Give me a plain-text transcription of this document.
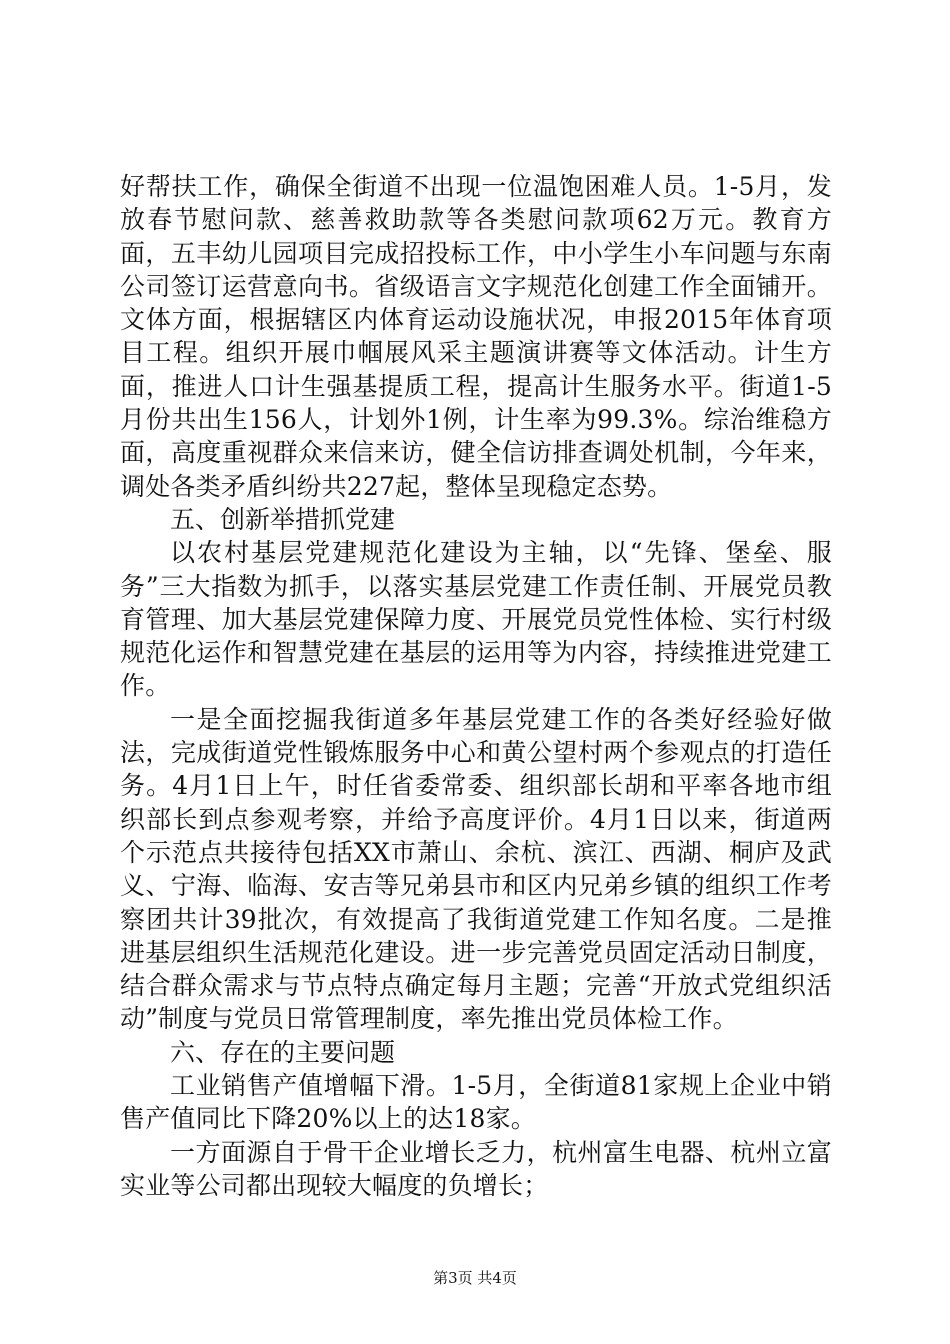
好帮扶工作，确保全街道不出现一位温饱困难人员。1-5月，发放春节慰问款、慈善救助款等各类慰问款项62万元。教育方面，五丰幼儿园项目完成招投标工作，中小学生小车问题与东南公司签订运营意向书。省级语言文字规范化创建工作全面铺开。文体方面，根据辖区内体育运动设施状况，申报2015年体育项目工程。组织开展巾帼展风采主题演讲赛等文体活动。计生方面，推进人口计生强基提质工程，提高计生服务水平。街道1-5月份共出生156人，计划外1例，计生率为99.3%。综治维稳方面，高度重视群众来信来访，健全信访排查调处机制，今年来，调处各类矛盾纠纷共227起，整体呈现稳定态势。

五、创新举措抓党建

以农村基层党建规范化建设为主轴，以“先锋、堡垒、服务”三大指数为抓手，以落实基层党建工作责任制、开展党员教育管理、加大基层党建保障力度、开展党员党性体检、实行村级规范化运作和智慧党建在基层的运用等为内容，持续推进党建工作。

一是全面挖掘我街道多年基层党建工作的各类好经验好做法，完成街道党性锻炼服务中心和黄公望村两个参观点的打造任务。4月1日上午，时任省委常委、组织部长胡和平率各地市组织部长到点参观考察，并给予高度评价。4月1日以来，街道两个示范点共接待包括XX市萧山、余杭、滨江、西湖、桐庐及武义、宁海、临海、安吉等兄弟县市和区内兄弟乡镇的组织工作考察团共计39批次，有效提高了我街道党建工作知名度。二是推进基层组织生活规范化建设。进一步完善党员固定活动日制度，结合群众需求与节点特点确定每月主题；完善“开放式党组织活动”制度与党员日常管理制度，率先推出党员体检工作。

六、存在的主要问题

工业销售产值增幅下滑。1-5月，全街道81家规上企业中销售产值同比下降20%以上的达18家。

一方面源自于骨干企业增长乏力，杭州富生电器、杭州立富实业等公司都出现较大幅度的负增长；

第3页 共4页
